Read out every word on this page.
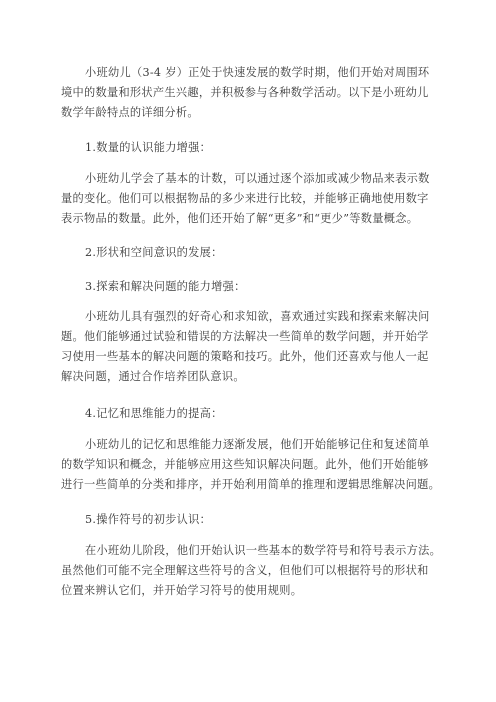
小班幼儿（3-4 岁）正处于快速发展的数学时期，他们开始对周围环
境中的数量和形状产生兴趣，并积极参与各种数学活动。以下是小班幼儿
数学年龄特点的详细分析。
1.数量的认识能力增强：
小班幼儿学会了基本的计数，可以通过逐个添加或减少物品来表示数
量的变化。他们可以根据物品的多少来进行比较，并能够正确地使用数字
表示物品的数量。此外，他们还开始了解“更多”和“更少”等数量概念。
2.形状和空间意识的发展：
3.探索和解决问题的能力增强：
小班幼儿具有强烈的好奇心和求知欲，喜欢通过实践和探索来解决问
题。他们能够通过试验和错误的方法解决一些简单的数学问题，并开始学
习使用一些基本的解决问题的策略和技巧。此外，他们还喜欢与他人一起
解决问题，通过合作培养团队意识。
4.记忆和思维能力的提高：
小班幼儿的记忆和思维能力逐渐发展，他们开始能够记住和复述简单
的数学知识和概念，并能够应用这些知识解决问题。此外，他们开始能够
进行一些简单的分类和排序，并开始利用简单的推理和逻辑思维解决问题。
5.操作符号的初步认识：
在小班幼儿阶段，他们开始认识一些基本的数学符号和符号表示方法。
虽然他们可能不完全理解这些符号的含义，但他们可以根据符号的形状和
位置来辨认它们，并开始学习符号的使用规则。
